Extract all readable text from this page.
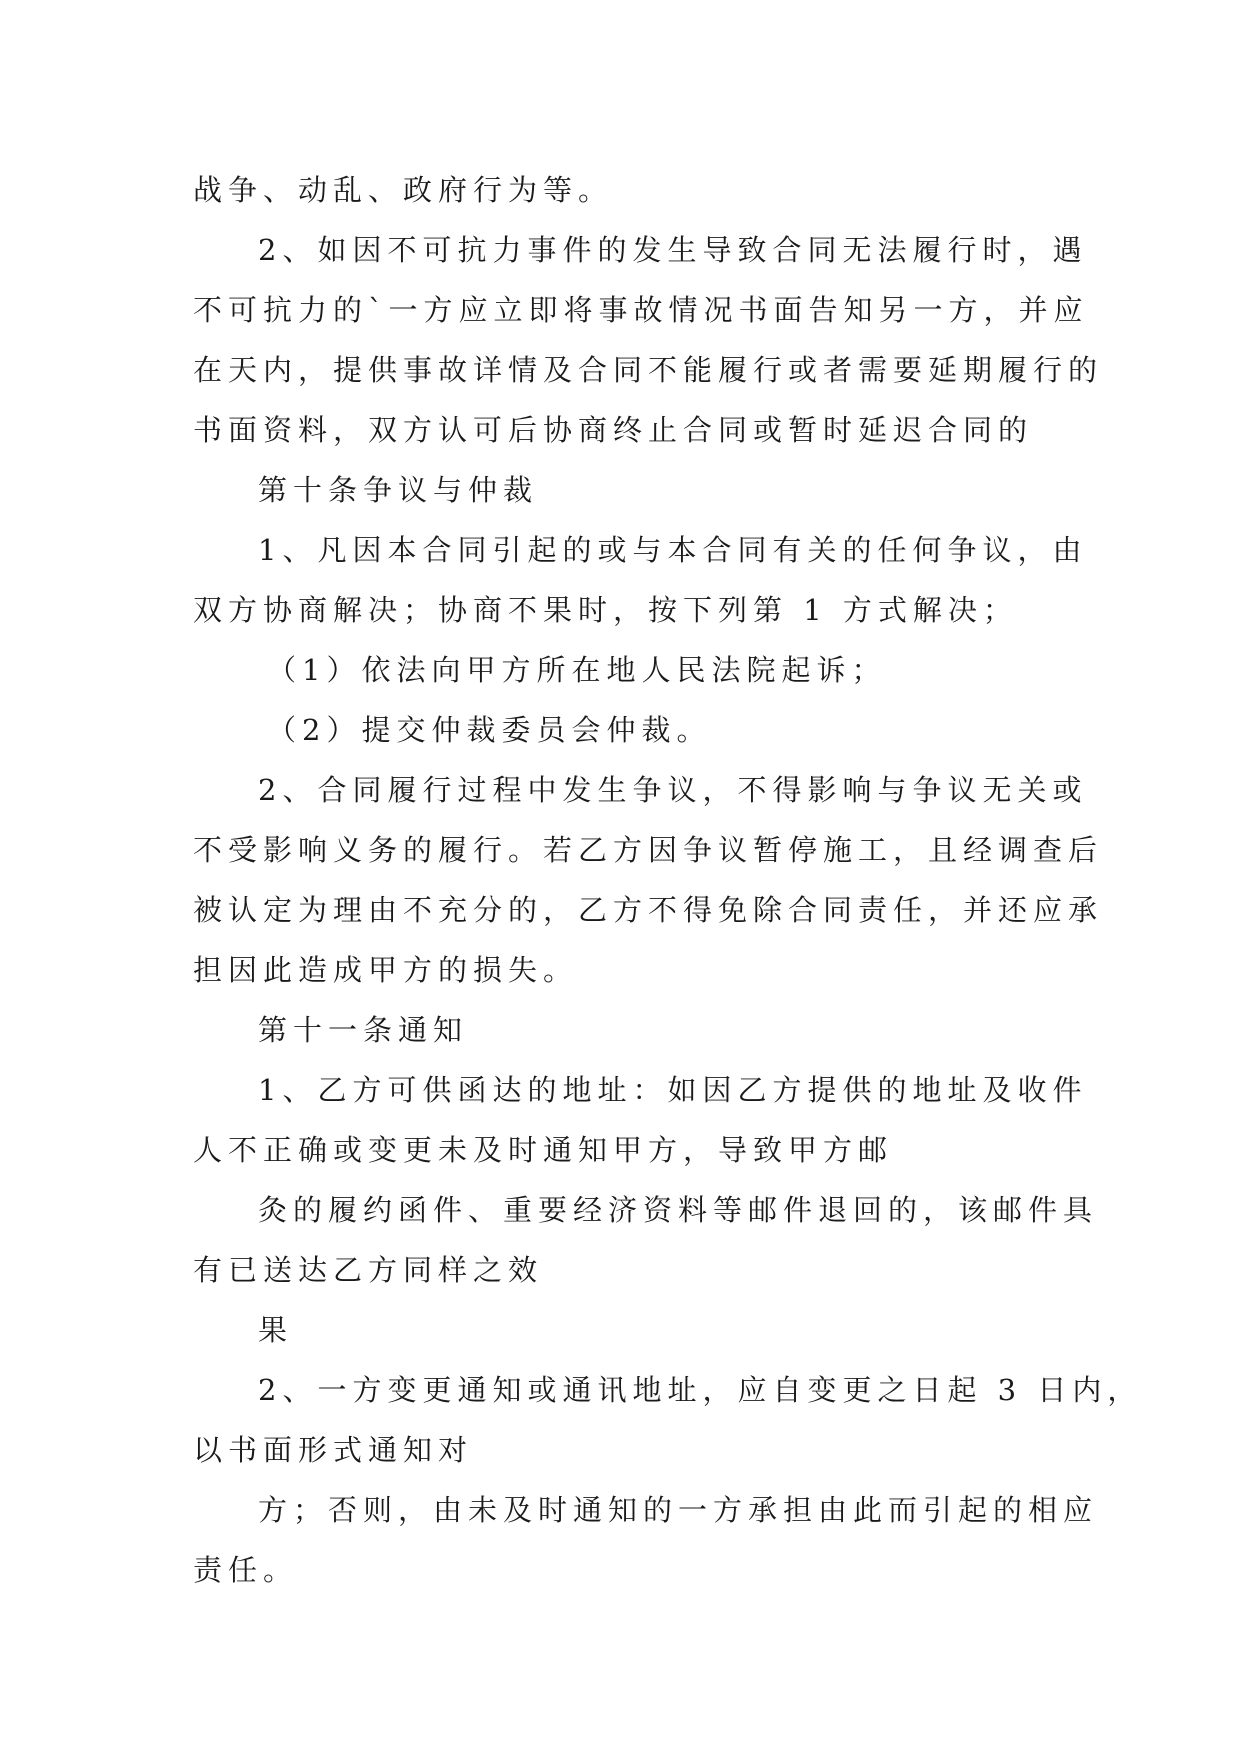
战争、动乱、政府行为等。
2、如因不可抗力事件的发生导致合同无法履行时，遇
不可抗力的`一方应立即将事故情况书面告知另一方，并应
在天内，提供事故详情及合同不能履行或者需要延期履行的
书面资料，双方认可后协商终止合同或暂时延迟合同的
第十条争议与仲裁
1、凡因本合同引起的或与本合同有关的任何争议，由
双方协商解决；协商不果时，按下列第 1 方式解决；
（1）依法向甲方所在地人民法院起诉；
（2）提交仲裁委员会仲裁。
2、合同履行过程中发生争议，不得影响与争议无关或
不受影响义务的履行。若乙方因争议暂停施工，且经调查后
被认定为理由不充分的，乙方不得免除合同责任，并还应承
担因此造成甲方的损失。
第十一条通知
1、乙方可供函达的地址：如因乙方提供的地址及收件
人不正确或变更未及时通知甲方，导致甲方邮
灸的履约函件、重要经济资料等邮件退回的，该邮件具
有已送达乙方同样之效
果
2、一方变更通知或通讯地址，应自变更之日起 3 日内，
以书面形式通知对
方；否则，由未及时通知的一方承担由此而引起的相应
责任。
